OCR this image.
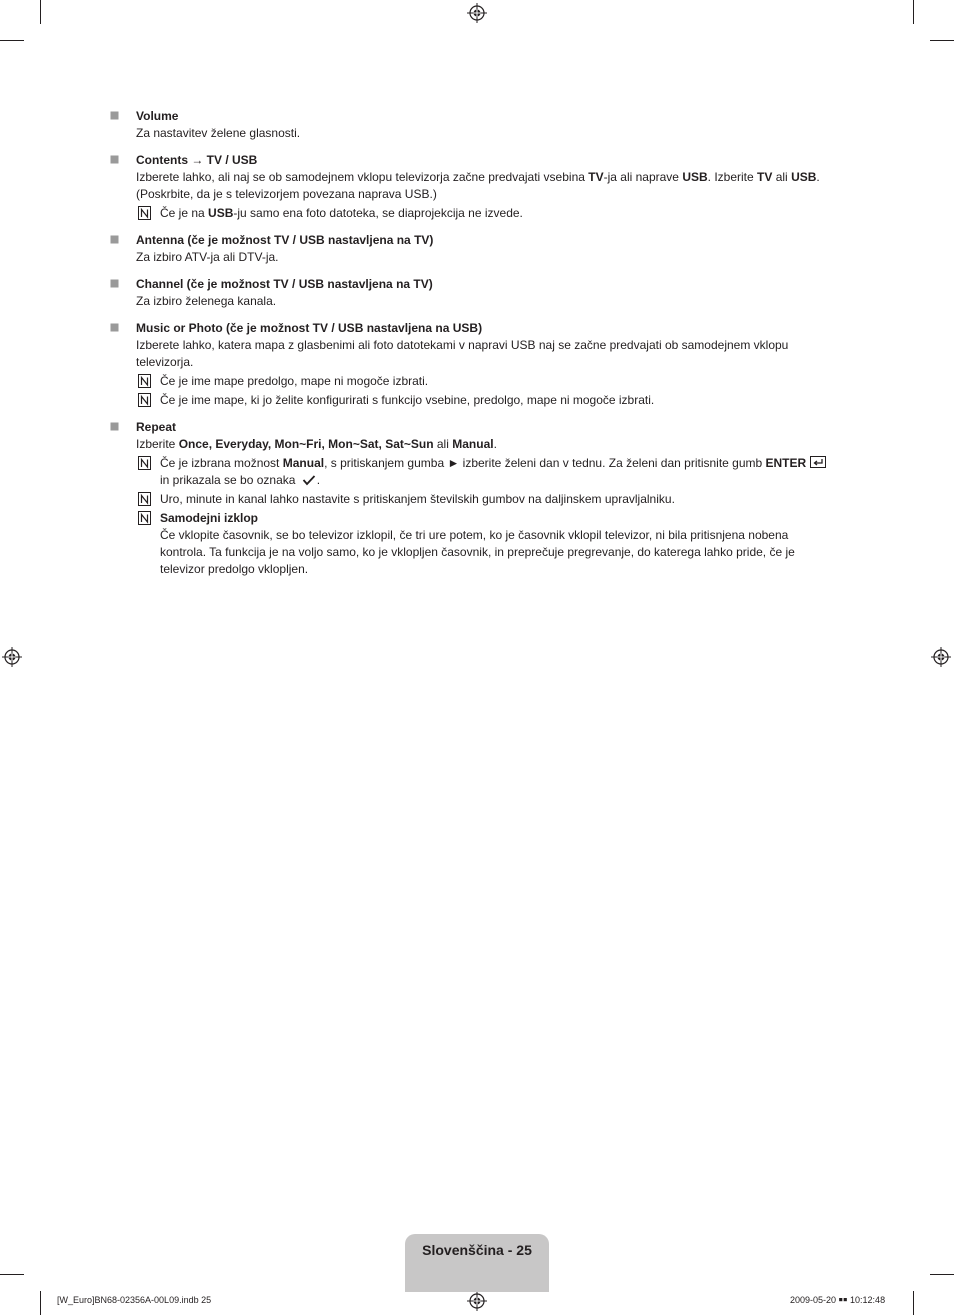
Volume
Za nastavitev želene glasnosti.
Contents → TV / USB
Izberete lahko, ali naj se ob samodejnem vklopu televizorja začne predvajati vsebina TV-ja ali naprave USB. Izberite TV ali USB. (Poskrbite, da je s televizorjem povezana naprava USB.)
Če je na USB-ju samo ena foto datoteka, se diaprojekcija ne izvede.
Antenna (če je možnost TV / USB nastavljena na TV)
Za izbiro ATV-ja ali DTV-ja.
Channel (če je možnost TV / USB nastavljena na TV)
Za izbiro želenega kanala.
Music or Photo (če je možnost TV / USB nastavljena na USB)
Izberete lahko, katera mapa z glasbenimi ali foto datotekami v napravi USB naj se začne predvajati ob samodejnem vklopu televizorja.
Če je ime mape predolgo, mape ni mogoče izbrati.
Če je ime mape, ki jo želite konfigurirati s funkcijo vsebine, predolgo, mape ni mogoče izbrati.
Repeat
Izberite Once, Everyday, Mon~Fri, Mon~Sat, Sat~Sun ali Manual.
Če je izbrana možnost Manual, s pritiskanjem gumba ► izberite želeni dan v tednu. Za želeni dan pritisnite gumb ENTER
in prikazala se bo oznaka .
Uro, minute in kanal lahko nastavite s pritiskanjem številskih gumbov na daljinskem upravljalniku.
Samodejni izklop
Če vklopite časovnik, se bo televizor izklopil, če tri ure potem, ko je časovnik vklopil televizor, ni bila pritisnjena nobena kontrola. Ta funkcija je na voljo samo, ko je vklopljen časovnik, in preprečuje pregrevanje, do katerega lahko pride, če je televizor predolgo vklopljen.
Slovenščina - 25
[W_Euro]BN68-02356A-00L09.indb 25	2009-05-20 ￭￭ 10:12:48
